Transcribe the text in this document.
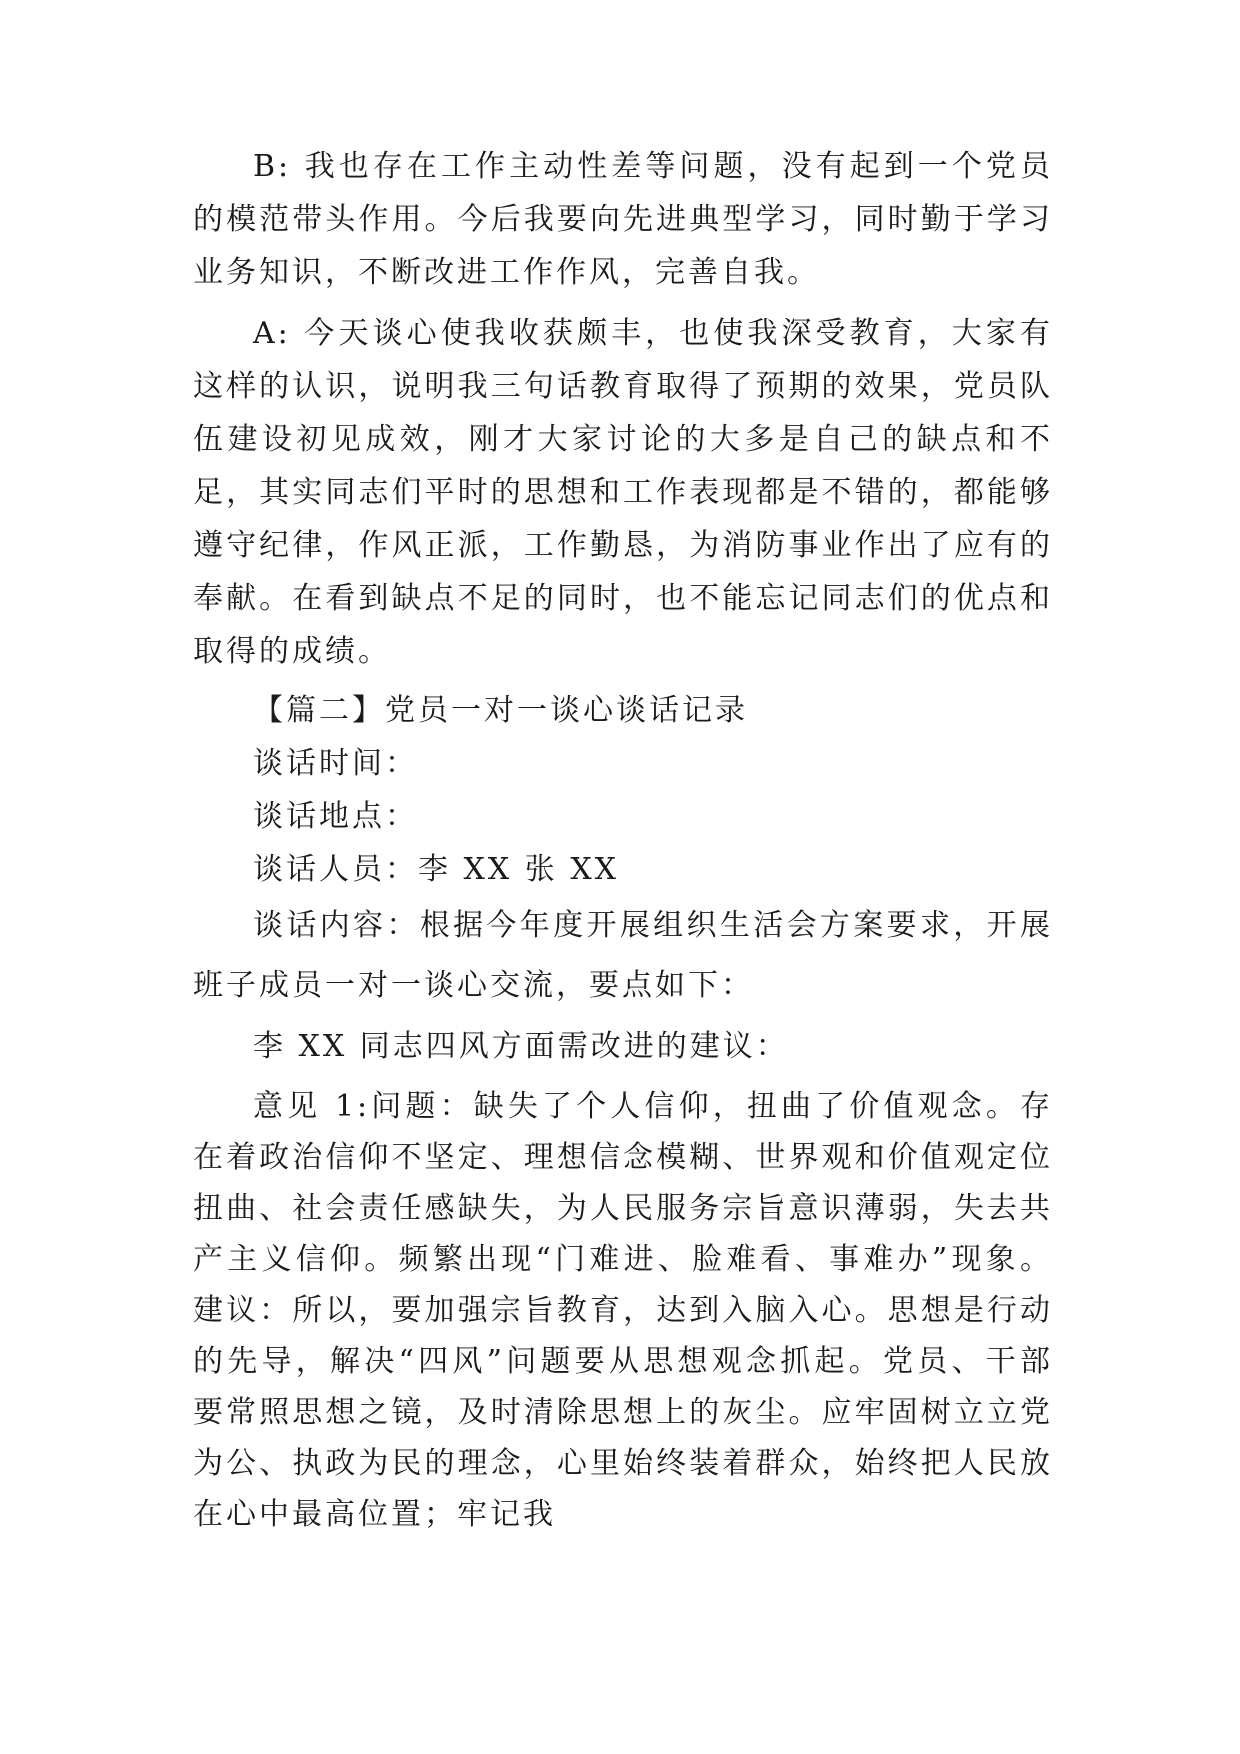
B: 我也存在工作主动性差等问题，没有起到一个党员的模范带头作用。今后我要向先进典型学习，同时勤于学习业务知识，不断改进工作作风，完善自我。

A: 今天谈心使我收获颇丰，也使我深受教育，大家有这样的认识，说明我三句话教育取得了预期的效果，党员队伍建设初见成效，刚才大家讨论的大多是自己的缺点和不足，其实同志们平时的思想和工作表现都是不错的，都能够遵守纪律，作风正派，工作勤恳，为消防事业作出了应有的奉献。在看到缺点不足的同时，也不能忘记同志们的优点和取得的成绩。

【篇二】党员一对一谈心谈话记录

谈话时间：

谈话地点：

谈话人员：李 XX 张 XX

谈话内容：根据今年度开展组织生活会方案要求，开展班子成员一对一谈心交流，要点如下：

李 XX 同志四风方面需改进的建议：

意见 1:问题：缺失了个人信仰，扭曲了价值观念。存在着政治信仰不坚定、理想信念模糊、世界观和价值观定位扭曲、社会责任感缺失，为人民服务宗旨意识薄弱，失去共产主义信仰。频繁出现“门难进、脸难看、事难办”现象。建议：所以，要加强宗旨教育，达到入脑入心。思想是行动的先导，解决“四风”问题要从思想观念抓起。党员、干部要常照思想之镜，及时清除思想上的灰尘。应牢固树立立党为公、执政为民的理念，心里始终装着群众，始终把人民放在心中最高位置；牢记我
